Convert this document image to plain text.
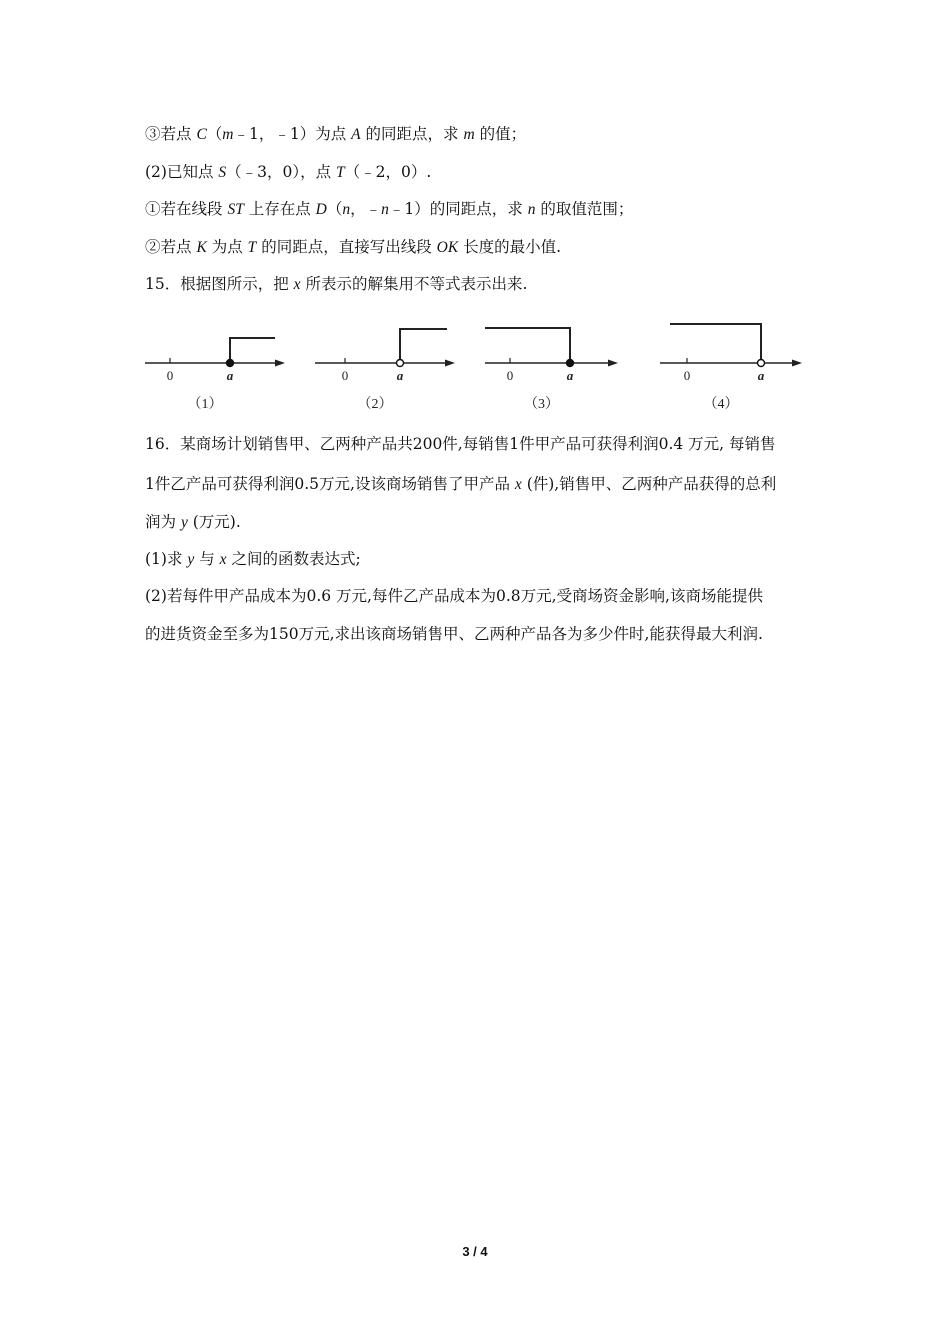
③若点 C（m﹣1，﹣1）为点 A 的同距点，求 m 的值；
(2)已知点 S（﹣3，0），点 T（﹣2，0）.
①若在线段 ST 上存在点 D（n，﹣n﹣1）的同距点，求 n 的取值范围；
②若点 K 为点 T 的同距点，直接写出线段 OK 长度的最小值.
15．根据图所示，把 x 所表示的解集用不等式表示出来.
16．某商场计划销售甲、乙两种产品共200件,每销售1件甲产品可获得利润0.4 万元, 每销售
1件乙产品可获得利润0.5万元,设该商场销售了甲产品 x (件),销售甲、乙两种产品获得的总利
润为 y (万元).
(1)求 y 与 x 之间的函数表达式;
(2)若每件甲产品成本为0.6 万元,每件乙产品成本为0.8万元,受商场资金影响,该商场能提供
的进货资金至多为150万元,求出该商场销售甲、乙两种产品各为多少件时,能获得最大利润.
0	a
（1）
0	a
（2）
0	a
（3）
0	a
（4）
3 / 4
